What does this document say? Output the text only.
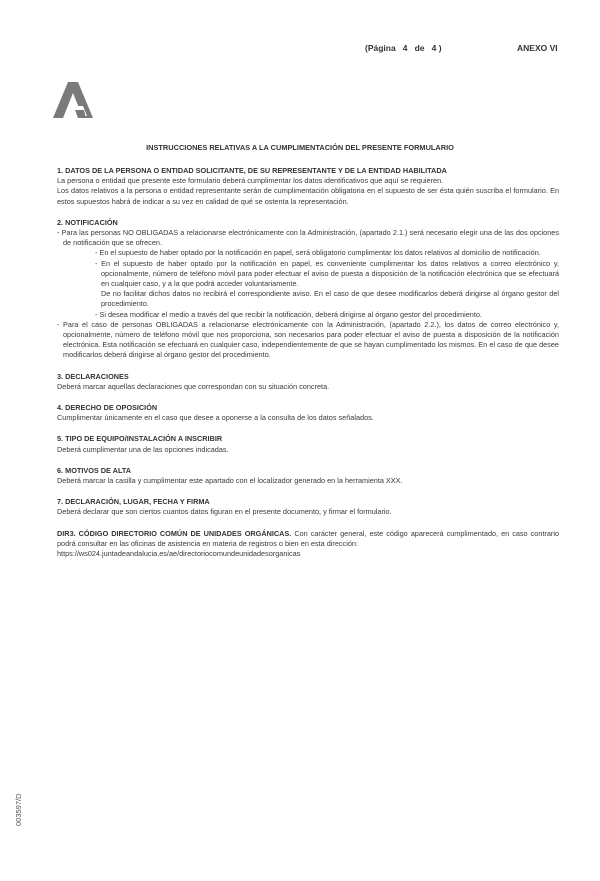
(Página   4   de   4 )	ANEXO VI
INSTRUCCIONES RELATIVAS A LA CUMPLIMENTACIÓN DEL PRESENTE FORMULARIO

1. DATOS DE LA PERSONA O ENTIDAD SOLICITANTE, DE SU REPRESENTANTE Y DE LA ENTIDAD HABILITADA

La persona o entidad que presente este formulario deberá cumplimentar los datos identificativos que aquí se requieren.

Los datos relativos a la persona o entidad representante serán de cumplimentación obligatoria en el supuesto de ser ésta quién suscriba el formulario. En estos supuestos habrá de indicar a su vez en calidad de qué se ostenta la representación.

2. NOTIFICACIÓN

- Para las personas NO OBLIGADAS a relacionarse electrónicamente con la Administración, (apartado 2.1.) será necesario elegir una de las dos opciones de notificación que se ofrecen.

- En el supuesto de haber optado por la notificación en papel, será obligatorio cumplimentar los datos relativos al domicilio de notificación.

- En el supuesto de haber optado por la notificación en papel, es conveniente cumplimentar los datos relativos a correo electrónico y, opcionalmente, número de teléfono móvil para poder efectuar el aviso de puesta a disposición de la notificación electrónica que se efectuará en cualquier caso, y a la que podrá acceder voluntariamente.

De no facilitar dichos datos no recibirá el correspondiente aviso. En el caso de que desee modificarlos deberá dirigirse al órgano gestor del procedimiento.

- Si desea modificar el medio a través del que recibir la notificación, deberá dirigirse al órgano gestor del procedimiento.

- Para el caso de personas OBLIGADAS a relacionarse electrónicamente con la Administración, (apartado 2.2.), los datos de correo electrónico y, opcionalmente, número de teléfono móvil que nos proporciona, son necesarios para poder efectuar el aviso de puesta a disposición de la notificación electrónica. Esta notificación se efectuará en cualquier caso, independientemente de que se hayan cumplimentado los mismos. En el caso de que desee modificarlos deberá dirigirse al órgano gestor del procedimiento.

3. DECLARACIONES

Deberá marcar aquellas declaraciones que correspondan con su situación concreta.

4. DERECHO DE OPOSICIÓN

Cumplimentar únicamente en el caso que desee a oponerse a la consulta de los datos señalados.

5. TIPO DE EQUIPO/INSTALACIÓN A INSCRIBIR

Deberá cumplimentar una de las opciones indicadas.

6. MOTIVOS DE ALTA

Deberá marcar la casilla y cumplimentar este apartado con el localizador generado en la herramienta XXX.

7. DECLARACIÓN, LUGAR, FECHA Y FIRMA

Deberá declarar que son ciertos cuantos datos figuran en el presente documento, y firmar el formulario.

DIR3. CÓDIGO DIRECTORIO COMÚN DE UNIDADES ORGÁNICAS. Con carácter general, este código aparecerá cumplimentado, en caso contrario podrá consultar en las oficinas de asistencia en materia de registros o bien en esta dirección:

https://ws024.juntadeandalucia.es/ae/directoriocomundeunidadesorganicas

003597/D
